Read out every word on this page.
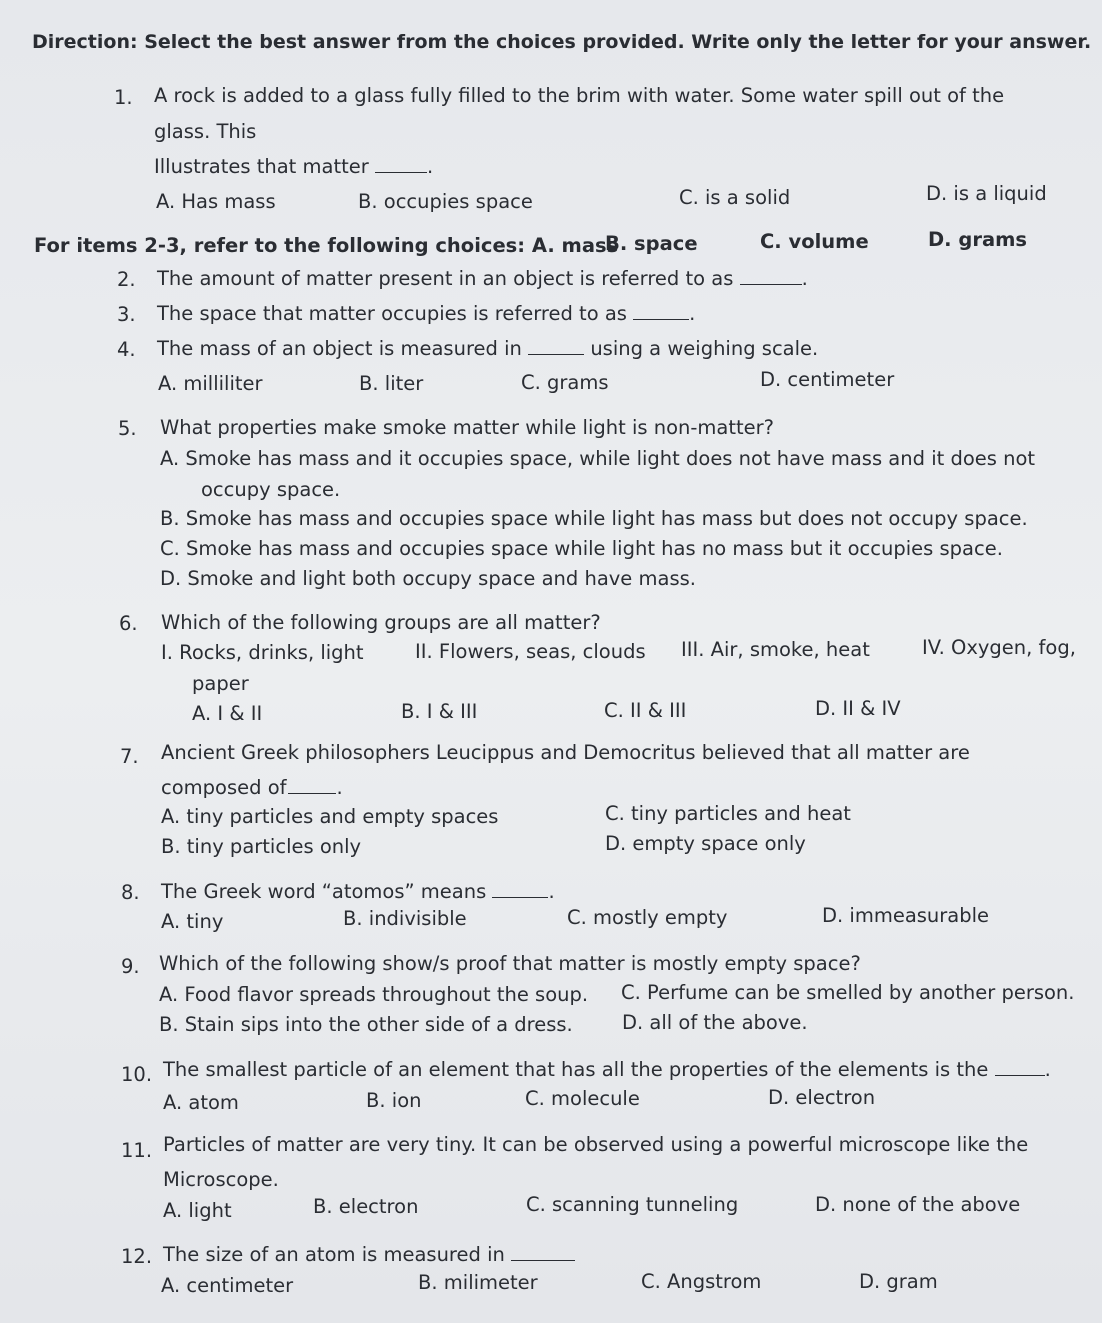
Direction: Select the best answer from the choices provided. Write only the letter for your answer.
1. A rock is added to a glass fully filled to the brim with water. Some water spill out of the
glass. This
Illustrates that matter	.
A. Has mass	B. occupies space	C. is a solid	D. is a liquid
For items 2-3, refer to the following choices: A. mass
B. space	C. volume	D. grams
2. The amount of matter present in an object is referred to as	.
3. The space that matter occupies is referred to as	.
4. The mass of an object is measured in	using a weighing scale.
A. milliliter	B. liter	C. grams	D. centimeter
5. What properties make smoke matter while light is non-matter?
A. Smoke has mass and it occupies space, while light does not have mass and it does not
occupy space.
B. Smoke has mass and occupies space while light has mass but does not occupy space.
C. Smoke has mass and occupies space while light has no mass but it occupies space.
D. Smoke and light both occupy space and have mass.
6. Which of the following groups are all matter?
I. Rocks, drinks, light	II. Flowers, seas, clouds III. Air, smoke, heat	IV. Oxygen, fog,
paper
A. I & II	B. I & III	C. II & III	D. II & IV
7. Ancient Greek philosophers Leucippus and Democritus believed that all matter are
composed of	.
A. tiny particles and empty spaces	C. tiny particles and heat
B. tiny particles only	D. empty space only
8. The Greek word “atomos” means	.
A. tiny	B. indivisible	C. mostly empty	D. immeasurable
9. Which of the following show/s proof that matter is mostly empty space?
A. Food flavor spreads throughout the soup. C. Perfume can be smelled by another person.
B. Stain sips into the other side of a dress.	D. all of the above.
10. The smallest particle of an element that has all the properties of the elements is the	.
A. atom	B. ion	C. molecule	D. electron
11. Particles of matter are very tiny. It can be observed using a powerful microscope like the
Microscope.
A. light	B. electron	C. scanning tunneling	D. none of the above
12. The size of an atom is measured in
A. centimeter	B. milimeter	C. Angstrom	D. gram
